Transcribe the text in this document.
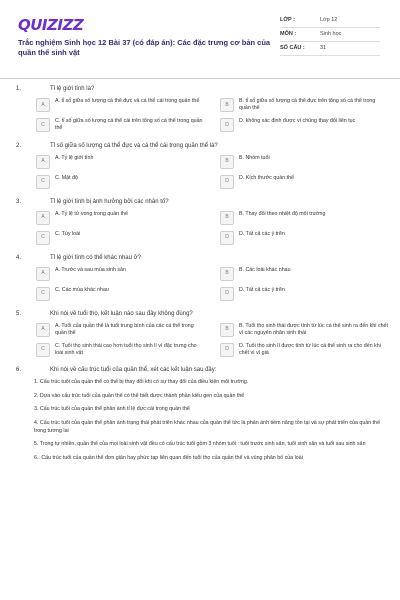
QUIZIZZ
Trắc nghiệm Sinh học 12 Bài 37 (có đáp án): Các đặc trưng cơ bản của quần thể sinh vật
LỚP :	Lớp 12
MÔN :	Sinh học
SỐ CÂU :	31
1.	Tỉ lệ giới tính là?
A
A. tỉ số giữa số lượng cá thể đực và cá thể cái trong quần thể
B
B. tỉ số giữa số lượng cá thể đực trên tổng số cá thể trong quần thể
C
C. tỉ số giữa số lượng cá thể cái trên tổng số cá thể trong quần thể
D
D. không xác định được vì chúng thay đổi liên tục
2.	Tỉ số giữa số lượng cá thể đực và cá thể cái trong quần thể là?
A
A. Tỷ lệ giới tính
B
B. Nhóm tuổi
C
C. Mật độ
D
D. Kích thước quần thể
3.	Tỉ lệ giới tính bị ảnh hưởng bởi các nhân tố?
A
A. Tỷ lệ tử vong trong quần thể
B
B. Thay đổi theo nhiệt độ môi trường
C
C. Tùy loài
D
D. Tất cả các ý trên
4.	Tỉ lệ giới tính có thể khác nhau ở?
A
A. Trước và sau mùa sinh sản
B
B. Các loài khác nhau
C
C. Các mùa khác nhau
D
D. Tất cả các ý trên
5.	Khi nói về tuổi thọ, kết luận nào sau đây không đúng?
A
A. Tuổi của quần thể là tuổi trung bình của các cá thể trong quần thể
B
B. Tuổi thọ sinh thái được tính từ lúc cá thể sinh ra đến khi chết vì các nguyên nhân sinh thái
C
C. Tuổi thọ sinh thái cao hơn tuổi thọ sinh lí vì đặc trưng cho loài sinh vật
D
D. Tuổi thọ sinh lí được tính từ lúc cá thể sinh ra cho đến khi chết vì vì già
6.	Khi nói về cấu trúc tuổi của quần thể, xét các kết luận sau đây:
1. Cấu trúc tuổi của quần thể có thể bị thay đổi khi có sự thay đổi của điều kiện môi trường.
2. Dựa vào cấu trúc tuổi của quần thể có thể biết được thành phần kiểu gen của quần thể
3. Cấu trúc tuổi của quần thể phản ánh tỉ lệ đực:cái trong quần thể
4. Cấu trúc tuổi của quần thể phản ánh trạng thái phát triển khác nhau của quần thể tức là phản ánh tiềm năng tồn tại và sự phát triển của quần thể trong tương lai
5. Trong tự nhiên, quần thể của mọi loài sinh vật đều có cấu trúc tuổi gồm 3 nhóm tuổi : tuổi trước sinh sản, tuổi sinh sản và tuổi sau sinh sản
6.. Cấu trúc tuổi của quần thể đơn giản hay phức tạp liên quan đến tuổi thọ của quần thể và vùng phân bố của loài
